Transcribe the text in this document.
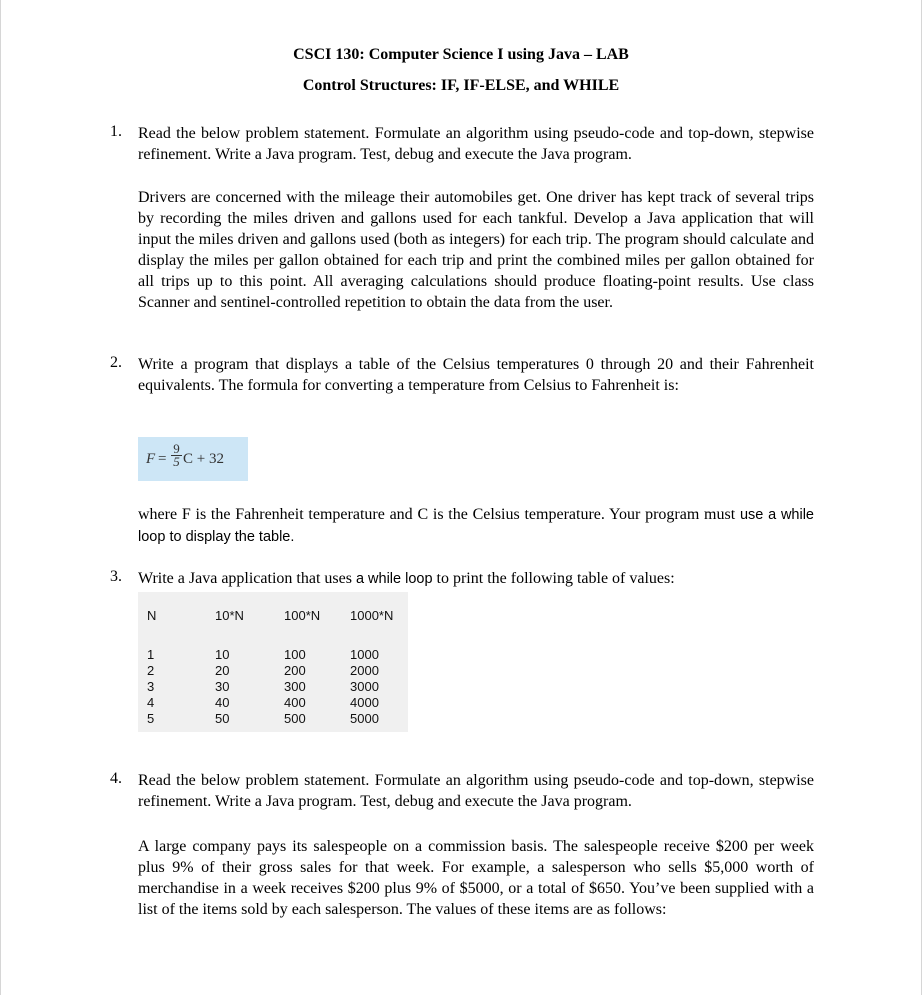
CSCI 130: Computer Science I using Java – LAB
Control Structures: IF, IF-ELSE, and WHILE
1. Read the below problem statement. Formulate an algorithm using pseudo-code and top-down, stepwise refinement. Write a Java program. Test, debug and execute the Java program.
Drivers are concerned with the mileage their automobiles get. One driver has kept track of several trips by recording the miles driven and gallons used for each tankful. Develop a Java application that will input the miles driven and gallons used (both as integers) for each trip. The program should calculate and display the miles per gallon obtained for each trip and print the combined miles per gallon obtained for all trips up to this point. All averaging calculations should produce floating-point results. Use class Scanner and sentinel-controlled repetition to obtain the data from the user.
2. Write a program that displays a table of the Celsius temperatures 0 through 20 and their Fahrenheit equivalents. The formula for converting a temperature from Celsius to Fahrenheit is:
$F = \frac{9}{5}$ C + 32
where F is the Fahrenheit temperature and C is the Celsius temperature. Your program must use a while loop to display the table.
3. Write a Java application that uses a while loop to print the following table of values:
N	10*N	100*N 1000*N
1
2
3
4
5
10
20
30
40
50
100
200
300
400
500
1000
2000
3000
4000
5000
4. Read the below problem statement. Formulate an algorithm using pseudo-code and top-down, stepwise refinement. Write a Java program. Test, debug and execute the Java program.
A large company pays its salespeople on a commission basis. The salespeople receive $200 per week plus 9% of their gross sales for that week. For example, a salesperson who sells $5,000 worth of merchandise in a week receives $200 plus 9% of $5000, or a total of $650. You’ve been supplied with a list of the items sold by each salesperson. The values of these items are as follows:
